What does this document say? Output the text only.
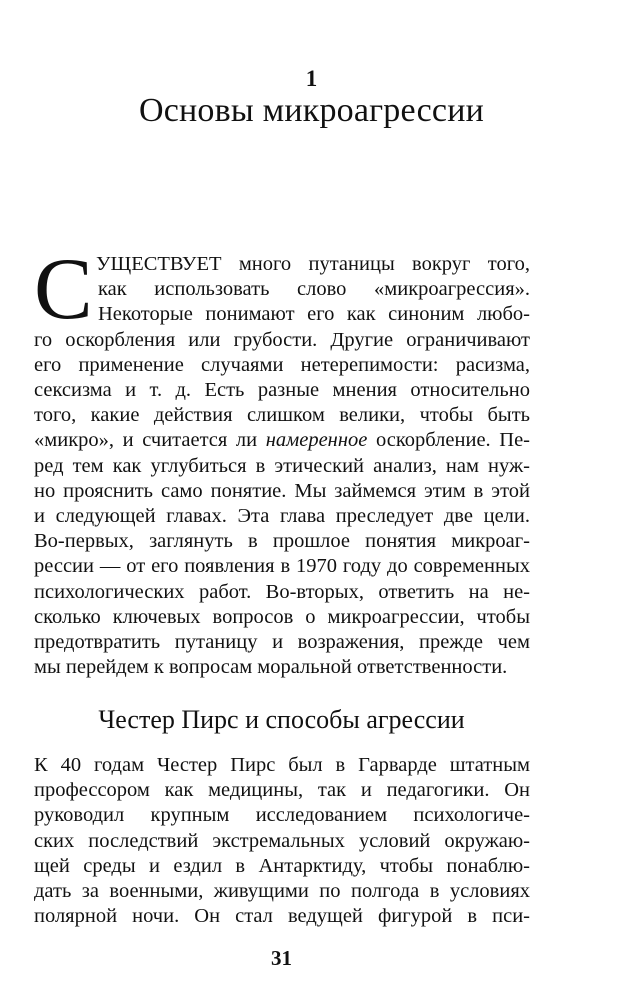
1
Основы микроагрессии
С УЩЕСТВУЕТ много путаницы вокруг того,
как использовать слово «микроагрессия».
Некоторые понимают его как синоним любо-
го оскорбления или грубости. Другие ограничивают
его применение случаями нетерепимости: расизма,
сексизма и т. д. Есть разные мнения относительно
того, какие действия слишком велики, чтобы быть
«микро», и считается ли намеренное оскорбление. Пе-
ред тем как углубиться в этический анализ, нам нуж-
но прояснить само понятие. Мы займемся этим в этой
и следующей главах. Эта глава преследует две цели.
Во-первых, заглянуть в прошлое понятия микроаг-
рессии — от его появления в 1970 году до современных
психологических работ. Во-вторых, ответить на не-
сколько ключевых вопросов о микроагрессии, чтобы
предотвратить путаницу и возражения, прежде чем
мы перейдем к вопросам моральной ответственности.
Честер Пирс и способы агрессии
К 40 годам Честер Пирс был в Гарварде штатным
профессором как медицины, так и педагогики. Он
руководил крупным исследованием психологиче-
ских последствий экстремальных условий окружаю-
щей среды и ездил в Антарктиду, чтобы понаблю-
дать за военными, живущими по полгода в условиях
полярной ночи. Он стал ведущей фигурой в пси-
31
